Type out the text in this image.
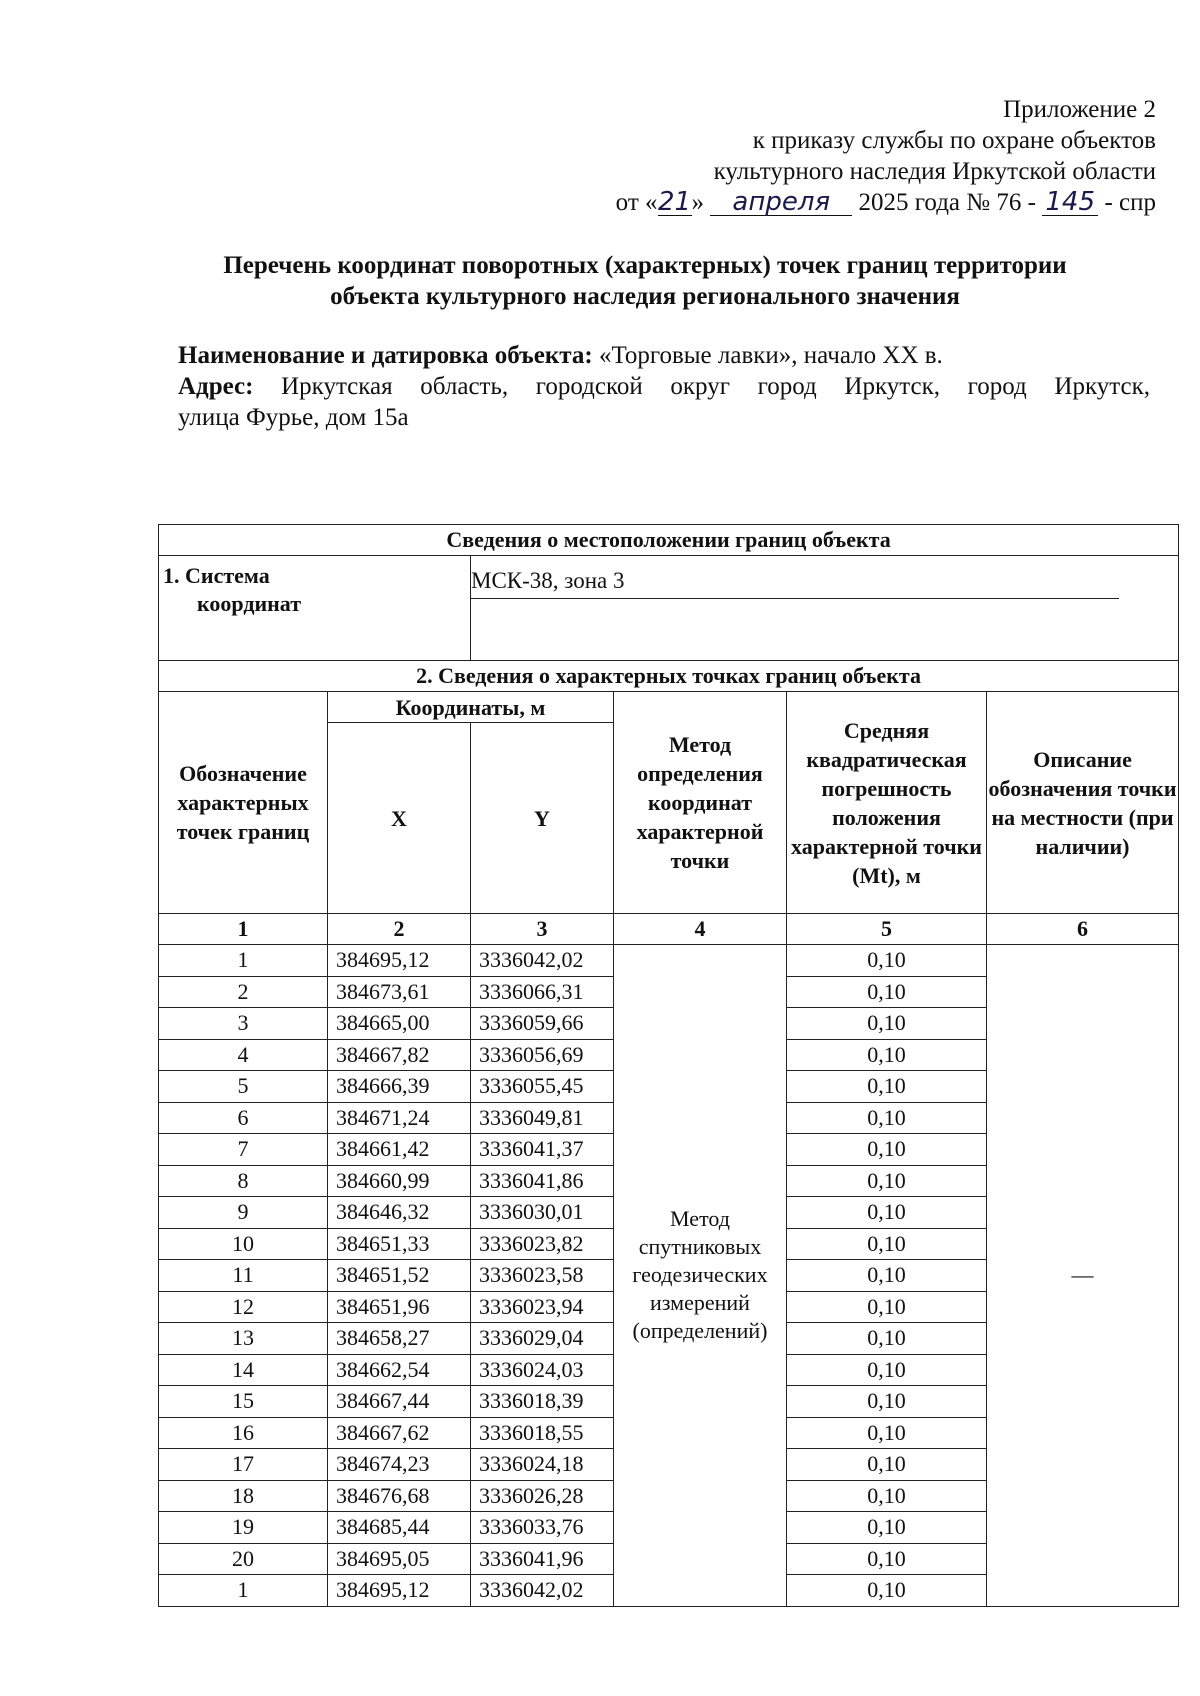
Приложение 2
к приказу службы по охране объектов
культурного наследия Иркутской области
от «21» апреля 2025 года № 76 - 145 - спр
Перечень координат поворотных (характерных) точек границ территории
объекта культурного наследия регионального значения
Наименование и датировка объекта: «Торговые лавки», начало XX в.
Адрес: Иркутская область, городской округ город Иркутск, город Иркутск,
улица Фурье, дом 15а
Сведения о местоположении границ объекта					

1. Система
координат		МСК-38, зона 3			
2. Сведения о характерных точках границ объекта					
Обозначение характерных точек границ	Координаты, м		Метод определения координат характерной точки	Средняя квадратическая погрешность положения характерной точки (Mt), м	Описание обозначения точки на местности (при наличии)
	X	Y			
1	2	3	4	5	6
1	384695,12	3336042,02	Метод спутниковых геодезических измерений (определений)	0,10	—
2	384673,61	3336066,31		0,10	
3	384665,00	3336059,66		0,10	
4	384667,82	3336056,69		0,10	
5	384666,39	3336055,45		0,10	
6	384671,24	3336049,81		0,10	
7	384661,42	3336041,37		0,10	
8	384660,99	3336041,86		0,10	
9	384646,32	3336030,01		0,10	
10	384651,33	3336023,82		0,10	
11	384651,52	3336023,58		0,10	
12	384651,96	3336023,94		0,10	
13	384658,27	3336029,04		0,10	
14	384662,54	3336024,03		0,10	
15	384667,44	3336018,39		0,10	
16	384667,62	3336018,55		0,10	
17	384674,23	3336024,18		0,10	
18	384676,68	3336026,28		0,10	
19	384685,44	3336033,76		0,10	
20	384695,05	3336041,96		0,10	
1	384695,12	3336042,02		0,10	
